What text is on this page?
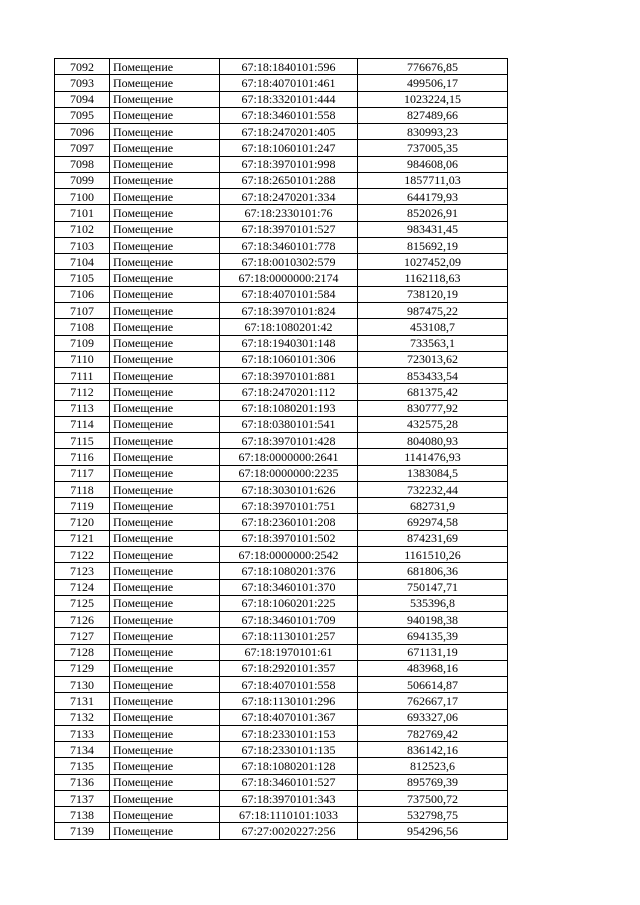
7092	Помещение	67:18:1840101:596	776676,85
7093	Помещение	67:18:4070101:461	499506,17
7094	Помещение	67:18:3320101:444	1023224,15
7095	Помещение	67:18:3460101:558	827489,66
7096	Помещение	67:18:2470201:405	830993,23
7097	Помещение	67:18:1060101:247	737005,35
7098	Помещение	67:18:3970101:998	984608,06
7099	Помещение	67:18:2650101:288	1857711,03
7100	Помещение	67:18:2470201:334	644179,93
7101	Помещение	67:18:2330101:76	852026,91
7102	Помещение	67:18:3970101:527	983431,45
7103	Помещение	67:18:3460101:778	815692,19
7104	Помещение	67:18:0010302:579	1027452,09
7105	Помещение	67:18:0000000:2174	1162118,63
7106	Помещение	67:18:4070101:584	738120,19
7107	Помещение	67:18:3970101:824	987475,22
7108	Помещение	67:18:1080201:42	453108,7
7109	Помещение	67:18:1940301:148	733563,1
7110	Помещение	67:18:1060101:306	723013,62
7111	Помещение	67:18:3970101:881	853433,54
7112	Помещение	67:18:2470201:112	681375,42
7113	Помещение	67:18:1080201:193	830777,92
7114	Помещение	67:18:0380101:541	432575,28
7115	Помещение	67:18:3970101:428	804080,93
7116	Помещение	67:18:0000000:2641	1141476,93
7117	Помещение	67:18:0000000:2235	1383084,5
7118	Помещение	67:18:3030101:626	732232,44
7119	Помещение	67:18:3970101:751	682731,9
7120	Помещение	67:18:2360101:208	692974,58
7121	Помещение	67:18:3970101:502	874231,69
7122	Помещение	67:18:0000000:2542	1161510,26
7123	Помещение	67:18:1080201:376	681806,36
7124	Помещение	67:18:3460101:370	750147,71
7125	Помещение	67:18:1060201:225	535396,8
7126	Помещение	67:18:3460101:709	940198,38
7127	Помещение	67:18:1130101:257	694135,39
7128	Помещение	67:18:1970101:61	671131,19
7129	Помещение	67:18:2920101:357	483968,16
7130	Помещение	67:18:4070101:558	506614,87
7131	Помещение	67:18:1130101:296	762667,17
7132	Помещение	67:18:4070101:367	693327,06
7133	Помещение	67:18:2330101:153	782769,42
7134	Помещение	67:18:2330101:135	836142,16
7135	Помещение	67:18:1080201:128	812523,6
7136	Помещение	67:18:3460101:527	895769,39
7137	Помещение	67:18:3970101:343	737500,72
7138	Помещение	67:18:1110101:1033	532798,75
7139	Помещение	67:27:0020227:256	954296,56
